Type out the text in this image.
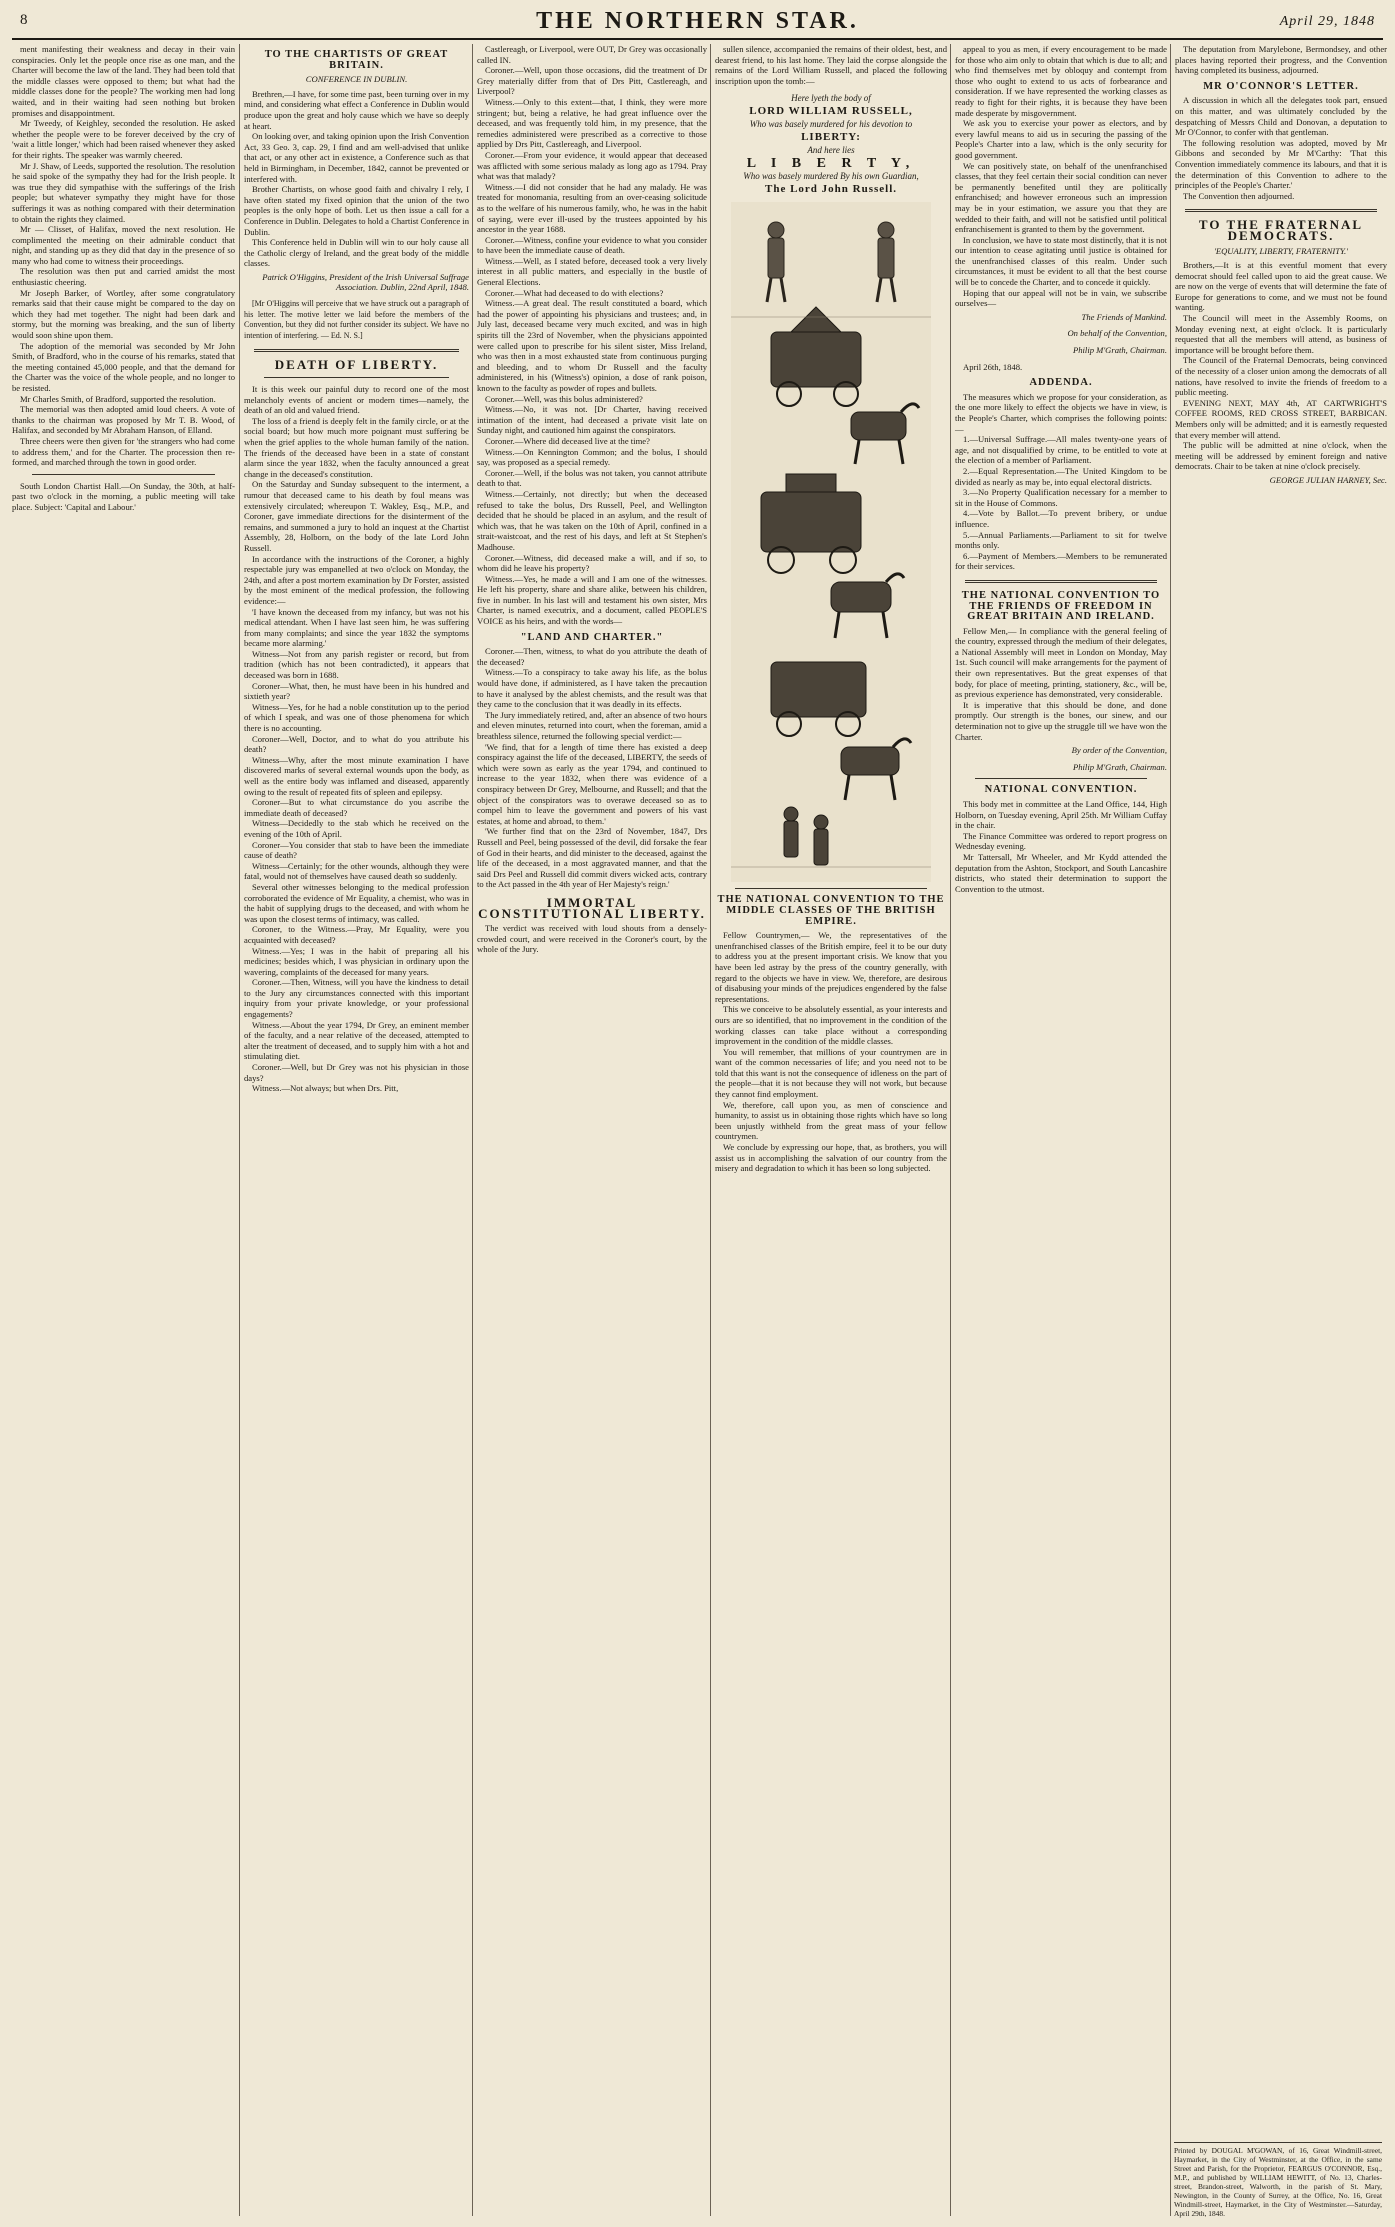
8	THE NORTHERN STAR.	April 29, 1848

ment manifesting their weakness and decay in their vain conspiracies. Only let the people once rise as one man, and the Charter will become the law of the land. They had been told that the middle classes were opposed to them; but what had the middle classes done for the people? The working men had long waited, and in their waiting had seen nothing but broken promises and disappointment.

Mr Tweedy, of Keighley, seconded the resolution. He asked whether the people were to be forever deceived by the cry of 'wait a little longer,' which had been raised whenever they asked for their rights. The speaker was warmly cheered.

Mr J. Shaw, of Leeds, supported the resolution. The resolution he said spoke of the sympathy they had for the Irish people. It was true they did sympathise with the sufferings of the Irish people; but whatever sympathy they might have for those sufferings it was as nothing compared with their determination to obtain the rights they claimed.

Mr — Clisset, of Halifax, moved the next resolution. He complimented the meeting on their admirable conduct that night, and standing up as they did that day in the presence of so many who had come to witness their proceedings.

The resolution was then put and carried amidst the most enthusiastic cheering.

Mr Joseph Barker, of Wortley, after some congratulatory remarks said that their cause might be compared to the day on which they had met together. The night had been dark and stormy, but the morning was breaking, and the sun of liberty would soon shine upon them.

The adoption of the memorial was seconded by Mr John Smith, of Bradford, who in the course of his remarks, stated that the meeting contained 45,000 people, and that the demand for the Charter was the voice of the whole people, and no longer to be resisted.

Mr Charles Smith, of Bradford, supported the resolution.

The memorial was then adopted amid loud cheers. A vote of thanks to the chairman was proposed by Mr T. B. Wood, of Halifax, and seconded by Mr Abraham Hanson, of Elland.

Three cheers were then given for 'the strangers who had come to address them,' and for the Charter. The procession then re-formed, and marched through the town in good order.

South London Chartist Hall.—On Sunday, the 30th, at half-past two o'clock in the morning, a public meeting will take place. Subject: 'Capital and Labour.'

TO THE CHARTISTS OF GREAT BRITAIN.
CONFERENCE IN DUBLIN.

Brethren,—I have, for some time past, been turning over in my mind, and considering what effect a Conference in Dublin would produce upon the great and holy cause which we have so deeply at heart.

On looking over, and taking opinion upon the Irish Convention Act, 33 Geo. 3, cap. 29, I find and am well-advised that unlike that act, or any other act in existence, a Conference such as that held in Birmingham, in December, 1842, cannot be prevented or interfered with.

Brother Chartists, on whose good faith and chivalry I rely, I have often stated my fixed opinion that the union of the two peoples is the only hope of both. Let us then issue a call for a Conference in Dublin. Delegates to hold a Chartist Conference in Dublin.

This Conference held in Dublin will win to our holy cause all the Catholic clergy of Ireland, and the great body of the middle classes.

Patrick O'Higgins, President of the Irish Universal Suffrage Association. Dublin, 22nd April, 1848.

[Mr O'Higgins will perceive that we have struck out a paragraph of his letter. The motive letter we laid before the members of the Convention, but they did not further consider its subject. We have no intention of interfering. — Ed. N. S.]

DEATH OF LIBERTY.

It is this week our painful duty to record one of the most melancholy events of ancient or modern times—namely, the death of an old and valued friend.

The loss of a friend is deeply felt in the family circle, or at the social board; but how much more poignant must suffering be when the grief applies to the whole human family of the nation. The friends of the deceased have been in a state of constant alarm since the year 1832, when the faculty announced a great change in the deceased's constitution.

On the Saturday and Sunday subsequent to the interment, a rumour that deceased came to his death by foul means was extensively circulated; whereupon T. Wakley, Esq., M.P., and Coroner, gave immediate directions for the disinterment of the remains, and summoned a jury to hold an inquest at the Chartist Assembly, 28, Holborn, on the body of the late Lord John Russell.

In accordance with the instructions of the Coroner, a highly respectable jury was empanelled at two o'clock on Monday, the 24th, and after a post mortem examination by Dr Forster, assisted by the most eminent of the medical profession, the following evidence:—

'I have known the deceased from my infancy, but was not his medical attendant. When I have last seen him, he was suffering from many complaints; and since the year 1832 the symptoms became more alarming.'

Witness—Not from any parish register or record, but from tradition (which has not been contradicted), it appears that deceased was born in 1688.

Coroner—What, then, he must have been in his hundred and sixtieth year?

Witness—Yes, for he had a noble constitution up to the period of which I speak, and was one of those phenomena for which there is no accounting.

Coroner—Well, Doctor, and to what do you attribute his death?

Witness—Why, after the most minute examination I have discovered marks of several external wounds upon the body, as well as the entire body was inflamed and diseased, apparently owing to the result of repeated fits of spleen and epilepsy.

Coroner—But to what circumstance do you ascribe the immediate death of deceased?

Witness—Decidedly to the stab which he received on the evening of the 10th of April.

Coroner—You consider that stab to have been the immediate cause of death?

Witness—Certainly; for the other wounds, although they were fatal, would not of themselves have caused death so suddenly.

Several other witnesses belonging to the medical profession corroborated the evidence of Mr Equality, a chemist, who was in the habit of supplying drugs to the deceased, and with whom he was upon the closest terms of intimacy, was called.

Coroner, to the Witness.—Pray, Mr Equality, were you acquainted with deceased?

Witness.—Yes; I was in the habit of preparing all his medicines; besides which, I was physician in ordinary upon the wavering, complaints of the deceased for many years.

Coroner.—Then, Witness, will you have the kindness to detail to the Jury any circumstances connected with this important inquiry from your private knowledge, or your professional engagements?

Witness.—About the year 1794, Dr Grey, an eminent member of the faculty, and a near relative of the deceased, attempted to alter the treatment of deceased, and to supply him with a hot and stimulating diet.

Coroner.—Well, but Dr Grey was not his physician in those days?

Witness.—Not always; but when Drs. Pitt,

Castlereagh, or Liverpool, were OUT, Dr Grey was occasionally called IN.

Coroner.—Well, upon those occasions, did the treatment of Dr Grey materially differ from that of Drs Pitt, Castlereagh, and Liverpool?

Witness.—Only to this extent—that, I think, they were more stringent; but, being a relative, he had great influence over the deceased, and was frequently told him, in my presence, that the remedies administered were prescribed as a corrective to those applied by Drs Pitt, Castlereagh, and Liverpool.

Coroner.—From your evidence, it would appear that deceased was afflicted with some serious malady as long ago as 1794. Pray what was that malady?

Witness.—I did not consider that he had any malady. He was treated for monomania, resulting from an over-ceasing solicitude as to the welfare of his numerous family, who, he was in the habit of saying, were ever ill-used by the trustees appointed by his ancestor in the year 1688.

Coroner.—Witness, confine your evidence to what you consider to have been the immediate cause of death.

Witness.—Well, as I stated before, deceased took a very lively interest in all public matters, and especially in the bustle of General Elections.

Coroner.—What had deceased to do with elections?

Witness.—A great deal. The result constituted a board, which had the power of appointing his physicians and trustees; and, in July last, deceased became very much excited, and was in high spirits till the 23rd of November, when the physicians appointed were called upon to prescribe for his silent sister, Miss Ireland, who was then in a most exhausted state from continuous purging and bleeding, and to whom Dr Russell and the faculty administered, in his (Witness's) opinion, a dose of rank poison, known to the faculty as powder of ropes and bullets.

Coroner.—Well, was this bolus administered?

Witness.—No, it was not. [Dr Charter, having received intimation of the intent, had deceased a private visit late on Sunday night, and cautioned him against the conspirators.

Coroner.—Where did deceased live at the time?

Witness.—On Kennington Common; and the bolus, I should say, was proposed as a special remedy.

Coroner.—Well, if the bolus was not taken, you cannot attribute death to that.

Witness.—Certainly, not directly; but when the deceased refused to take the bolus, Drs Russell, Peel, and Wellington decided that he should be placed in an asylum, and the result of which was, that he was taken on the 10th of April, confined in a strait-waistcoat, and the rest of his days, and left at St Stephen's Madhouse.

Coroner.—Witness, did deceased make a will, and if so, to whom did he leave his property?

Witness.—Yes, he made a will and I am one of the witnesses. He left his property, share and share alike, between his children, five in number. In his last will and testament his own sister, Mrs Charter, is named executrix, and a document, called PEOPLE'S VOICE as his heirs, and with the words—

"LAND AND CHARTER."

Coroner.—Then, witness, to what do you attribute the death of the deceased?

Witness.—To a conspiracy to take away his life, as the bolus would have done, if administered, as I have taken the precaution to have it analysed by the ablest chemists, and the result was that they came to the conclusion that it was deadly in its effects.

The Jury immediately retired, and, after an absence of two hours and eleven minutes, returned into court, when the foreman, amid a breathless silence, returned the following special verdict:—

'We find, that for a length of time there has existed a deep conspiracy against the life of the deceased, LIBERTY, the seeds of which were sown as early as the year 1794, and continued to increase to the year 1832, when there was evidence of a conspiracy between Dr Grey, Melbourne, and Russell; and that the object of the conspirators was to overawe deceased so as to compel him to leave the government and powers of his vast estates, at home and abroad, to them.'

'We further find that on the 23rd of November, 1847, Drs Russell and Peel, being possessed of the devil, did forsake the fear of God in their hearts, and did minister to the deceased, against the life of the deceased, in a most aggravated manner, and that the said Drs Peel and Russell did commit divers wicked acts, contrary to the Act passed in the 4th year of Her Majesty's reign.'

IMMORTAL CONSTITUTIONAL LIBERTY.

The verdict was received with loud shouts from a densely-crowded court, and were received in the Coroner's court, by the whole of the Jury.

sullen silence, accompanied the remains of their oldest, best, and dearest friend, to his last home. They laid the corpse alongside the remains of the Lord William Russell, and placed the following inscription upon the tomb:—

Here lyeth the body of
LORD WILLIAM RUSSELL,
Who was basely murdered for his devotion to
LIBERTY:
And here lies
L I B E R T Y,
Who was basely murdered By his own Guardian,
The Lord John Russell.
THE NATIONAL CONVENTION TO THE MIDDLE CLASSES OF THE BRITISH EMPIRE.

Fellow Countrymen,— We, the representatives of the unenfranchised classes of the British empire, feel it to be our duty to address you at the present important crisis. We know that you have been led astray by the press of the country generally, with regard to the objects we have in view. We, therefore, are desirous of disabusing your minds of the prejudices engendered by the false representations.

This we conceive to be absolutely essential, as your interests and ours are so identified, that no improvement in the condition of the working classes can take place without a corresponding improvement in the condition of the middle classes.

You will remember, that millions of your countrymen are in want of the common necessaries of life; and you need not to be told that this want is not the consequence of idleness on the part of the people—that it is not because they will not work, but because they cannot find employment.

We, therefore, call upon you, as men of conscience and humanity, to assist us in obtaining those rights which have so long been unjustly withheld from the great mass of your fellow countrymen.

We conclude by expressing our hope, that, as brothers, you will assist us in accomplishing the salvation of our country from the misery and degradation to which it has been so long subjected.

appeal to you as men, if every encouragement to be made for those who aim only to obtain that which is due to all; and who find themselves met by obloquy and contempt from those who ought to extend to us acts of forbearance and consideration. If we have represented the working classes as ready to fight for their rights, it is because they have been made desperate by misgovernment.

We ask you to exercise your power as electors, and by every lawful means to aid us in securing the passing of the People's Charter into a law, which is the only security for good government.

We can positively state, on behalf of the unenfranchised classes, that they feel certain their social condition can never be permanently benefited until they are politically enfranchised; and however erroneous such an impression may be in your estimation, we assure you that they are wedded to their faith, and will not be satisfied until political enfranchisement is granted to them by the government.

In conclusion, we have to state most distinctly, that it is not our intention to cease agitating until justice is obtained for the unenfranchised classes of this realm. Under such circumstances, it must be evident to all that the best course will be to concede the Charter, and to concede it quickly.

Hoping that our appeal will not be in vain, we subscribe ourselves—

The Friends of Mankind.
On behalf of the Convention,
Philip M'Grath, Chairman.

April 26th, 1848.

ADDENDA.

The measures which we propose for your consideration, as the one more likely to effect the objects we have in view, is the People's Charter, which comprises the following points:—

1.—Universal Suffrage.—All males twenty-one years of age, and not disqualified by crime, to be entitled to vote at the election of a member of Parliament.

2.—Equal Representation.—The United Kingdom to be divided as nearly as may be, into equal electoral districts.

3.—No Property Qualification necessary for a member to sit in the House of Commons.

4.—Vote by Ballot.—To prevent bribery, or undue influence.

5.—Annual Parliaments.—Parliament to sit for twelve months only.

6.—Payment of Members.—Members to be remunerated for their services.

THE NATIONAL CONVENTION TO THE FRIENDS OF FREEDOM IN GREAT BRITAIN AND IRELAND.

Fellow Men,— In compliance with the general feeling of the country, expressed through the medium of their delegates, a National Assembly will meet in London on Monday, May 1st. Such council will make arrangements for the payment of their own representatives. But the great expenses of that body, for place of meeting, printing, stationery, &c., will be, as previous experience has demonstrated, very considerable.

It is imperative that this should be done, and done promptly. Our strength is the bones, our sinew, and our determination not to give up the struggle till we have won the Charter.

By order of the Convention,
Philip M'Grath, Chairman.
NATIONAL CONVENTION.

This body met in committee at the Land Office, 144, High Holborn, on Tuesday evening, April 25th. Mr William Cuffay in the chair.

The Finance Committee was ordered to report progress on Wednesday evening.

Mr Tattersall, Mr Wheeler, and Mr Kydd attended the deputation from the Ashton, Stockport, and South Lancashire districts, who stated their determination to support the Convention to the utmost.

The deputation from Marylebone, Bermondsey, and other places having reported their progress, and the Convention having completed its business, adjourned.

MR O'CONNOR'S LETTER.

A discussion in which all the delegates took part, ensued on this matter, and was ultimately concluded by the despatching of Messrs Child and Donovan, a deputation to Mr O'Connor, to confer with that gentleman.

The following resolution was adopted, moved by Mr Gibbons and seconded by Mr M'Carthy: 'That this Convention immediately commence its labours, and that it is the determination of this Convention to adhere to the principles of the People's Charter.'

The Convention then adjourned.

TO THE FRATERNAL DEMOCRATS.
'EQUALITY, LIBERTY, FRATERNITY.'

Brothers,—It is at this eventful moment that every democrat should feel called upon to aid the great cause. We are now on the verge of events that will determine the fate of Europe for generations to come, and we must not be found wanting.

The Council will meet in the Assembly Rooms, on Monday evening next, at eight o'clock. It is particularly requested that all the members will attend, as business of importance will be brought before them.

The Council of the Fraternal Democrats, being convinced of the necessity of a closer union among the democrats of all nations, have resolved to invite the friends of freedom to a public meeting.

EVENING NEXT, MAY 4th, AT CARTWRIGHT'S COFFEE ROOMS, RED CROSS STREET, BARBICAN. Members only will be admitted; and it is earnestly requested that every member will attend.

The public will be admitted at nine o'clock, when the meeting will be addressed by eminent foreign and native democrats. Chair to be taken at nine o'clock precisely.

GEORGE JULIAN HARNEY, Sec.
Printed by DOUGAL M'GOWAN, of 16, Great Windmill-street, Haymarket, in the City of Westminster, at the Office, in the same Street and Parish, for the Proprietor, FEARGUS O'CONNOR, Esq., M.P., and published by WILLIAM HEWITT, of No. 13, Charles-street, Brandon-street, Walworth, in the parish of St. Mary, Newington, in the County of Surrey, at the Office, No. 16, Great Windmill-street, Haymarket, in the City of Westminster.—Saturday, April 29th, 1848.
